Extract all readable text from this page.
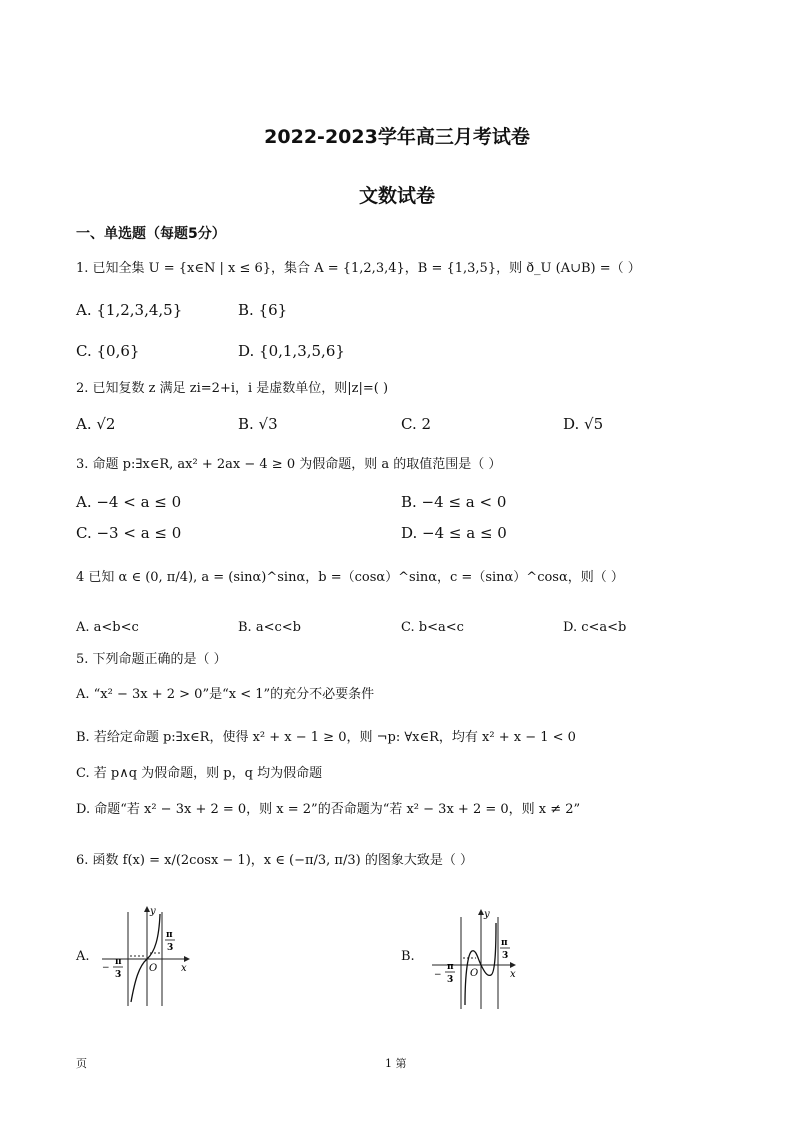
2022-2023学年高三月考试卷
文数试卷
一、单选题（每题5分）
1. 已知全集 U = {x∈N | x ≤ 6}，集合 A = {1,2,3,4}，B = {1,3,5}，则 ð_U (A∪B) =（ ）
A. {1,2,3,4,5}	B. {6}
C. {0,6}	D. {0,1,3,5,6}
2. 已知复数 z 满足 zi=2+i，i 是虚数单位，则|z|=( )
A. √2	B. √3	C. 2	D. √5
3. 命题 p:∃x∈R, ax² + 2ax − 4 ≥ 0 为假命题，则 a 的取值范围是（ ）
A. −4 < a ≤ 0	B. −4 ≤ a < 0
C. −3 < a ≤ 0	D. −4 ≤ a ≤ 0
4 已知 α ∈ (0, π/4), a = (sinα)^sinα，b =（cosα）^sinα，c =（sinα）^cosα，则（ ）
A. a<b<c	B. a<c<b	C. b<a<c	D. c<a<b
5. 下列命题正确的是（ ）
A. “x² − 3x + 2 > 0”是“x < 1”的充分不必要条件
B. 若给定命题 p:∃x∈R，使得 x² + x − 1 ≥ 0，则 ¬p: ∀x∈R，均有 x² + x − 1 < 0
C. 若 p∧q 为假命题，则 p，q 均为假命题
D. 命题“若 x² − 3x + 2 = 0，则 x = 2”的否命题为“若 x² − 3x + 2 = 0，则 x ≠ 2”
6. 函数 f(x) = x/(2cosx − 1)，x ∈ (−π/3, π/3) 的图象大致是（ ）
A.	B.
y
x
O
π
3
−
π
3
y
x
O
π
3
−
π
3
页	1 第
